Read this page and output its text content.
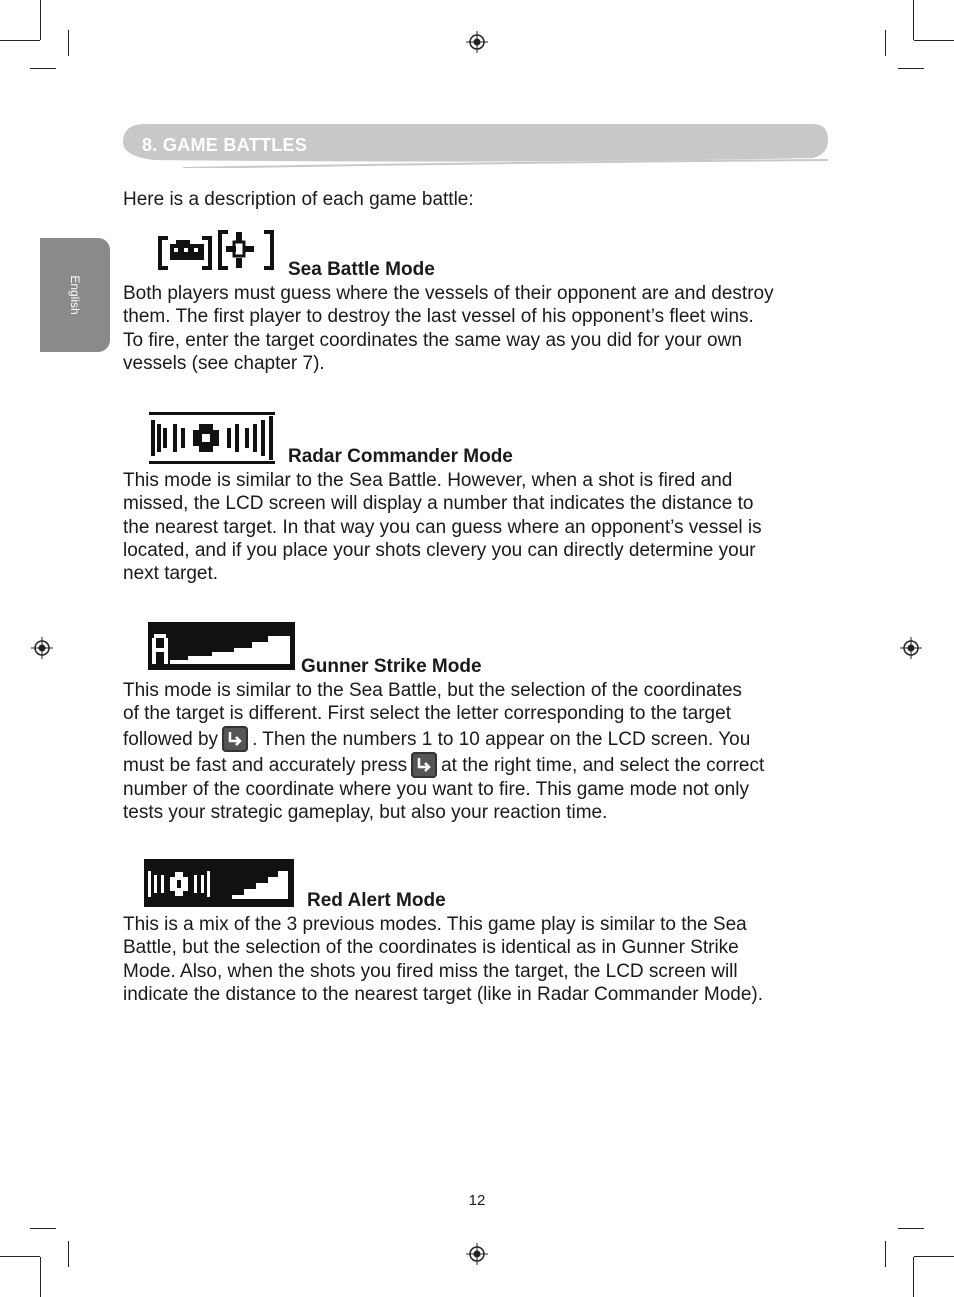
8. GAME BATTLES
English
Here is a description of each game battle:
Sea Battle Mode
Both players must guess where the vessels of their opponent are and destroy
them. The first player to destroy the last vessel of his opponent’s fleet wins.
To fire, enter the target coordinates the same way as you did for your own
vessels (see chapter 7).
Radar Commander Mode
This mode is similar to the Sea Battle. However, when a shot is fired and
missed, the LCD screen will display a number that indicates the distance to
the nearest target. In that way you can guess where an opponent’s vessel is
located, and if you place your shots clevery you can directly determine your
next target.
Gunner Strike Mode
This mode is similar to the Sea Battle, but the selection of the coordinates
of the target is different. First select the letter corresponding to the target
followed by . Then the numbers 1 to 10 appear on the LCD screen. You
must be fast and accurately press at the right time, and select the correct
number of the coordinate where you want to fire. This game mode not only
tests your strategic gameplay, but also your reaction time.
Red Alert Mode
This is a mix of the 3 previous modes. This game play is similar to the Sea
Battle, but the selection of the coordinates is identical as in Gunner Strike
Mode. Also, when the shots you fired miss the target, the LCD screen will
indicate the distance to the nearest target (like in Radar Commander Mode).
12
